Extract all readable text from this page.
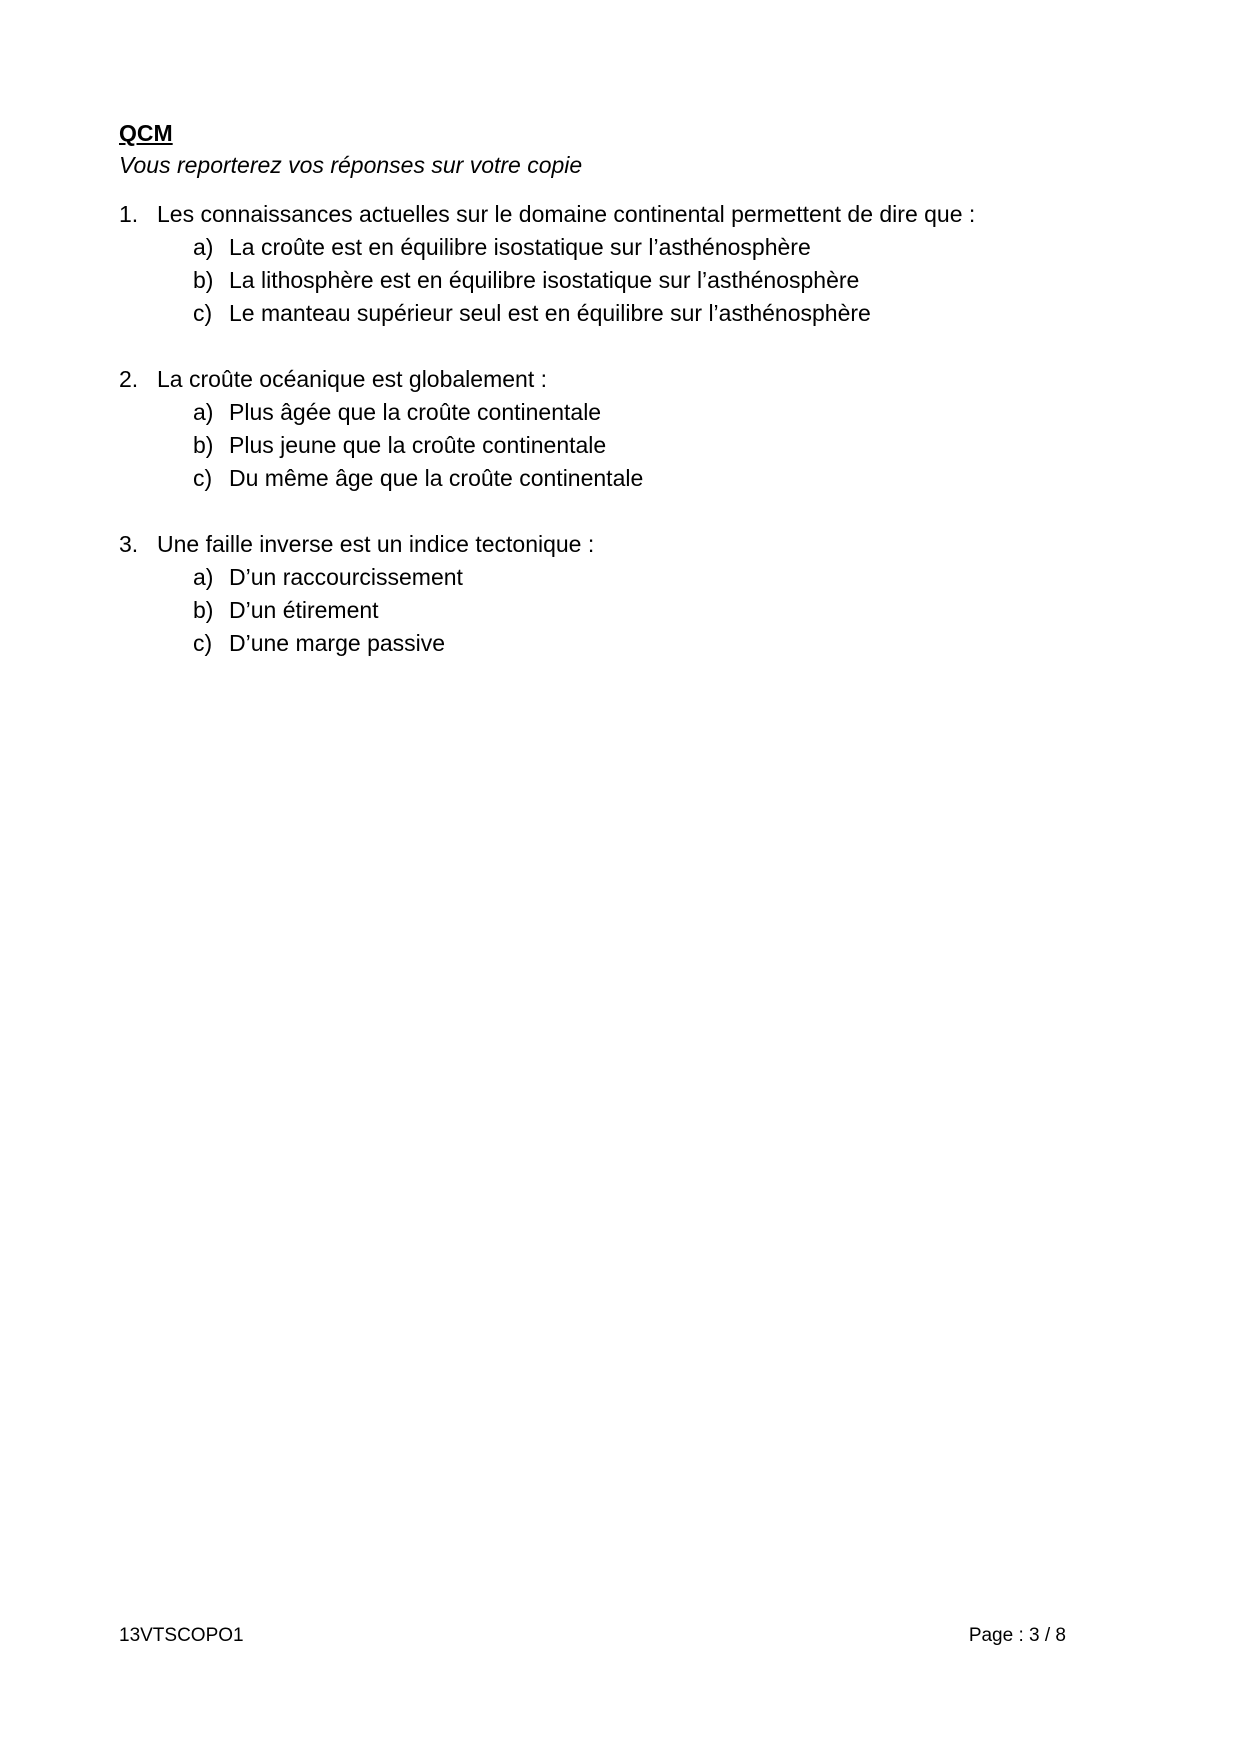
QCM
Vous reporterez vos réponses sur votre copie
1. Les connaissances actuelles sur le domaine continental permettent de dire que :
a) La croûte est en équilibre isostatique sur l’asthénosphère
b) La lithosphère est en équilibre isostatique sur l’asthénosphère
c) Le manteau supérieur seul est en équilibre sur l’asthénosphère
2. La croûte océanique est globalement :
a) Plus âgée que la croûte continentale
b) Plus jeune que la croûte continentale
c) Du même âge que la croûte continentale
3. Une faille inverse est un indice tectonique :
a) D’un raccourcissement
b) D’un étirement
c) D’une marge passive
13VTSCOPO1	Page : 3 / 8
